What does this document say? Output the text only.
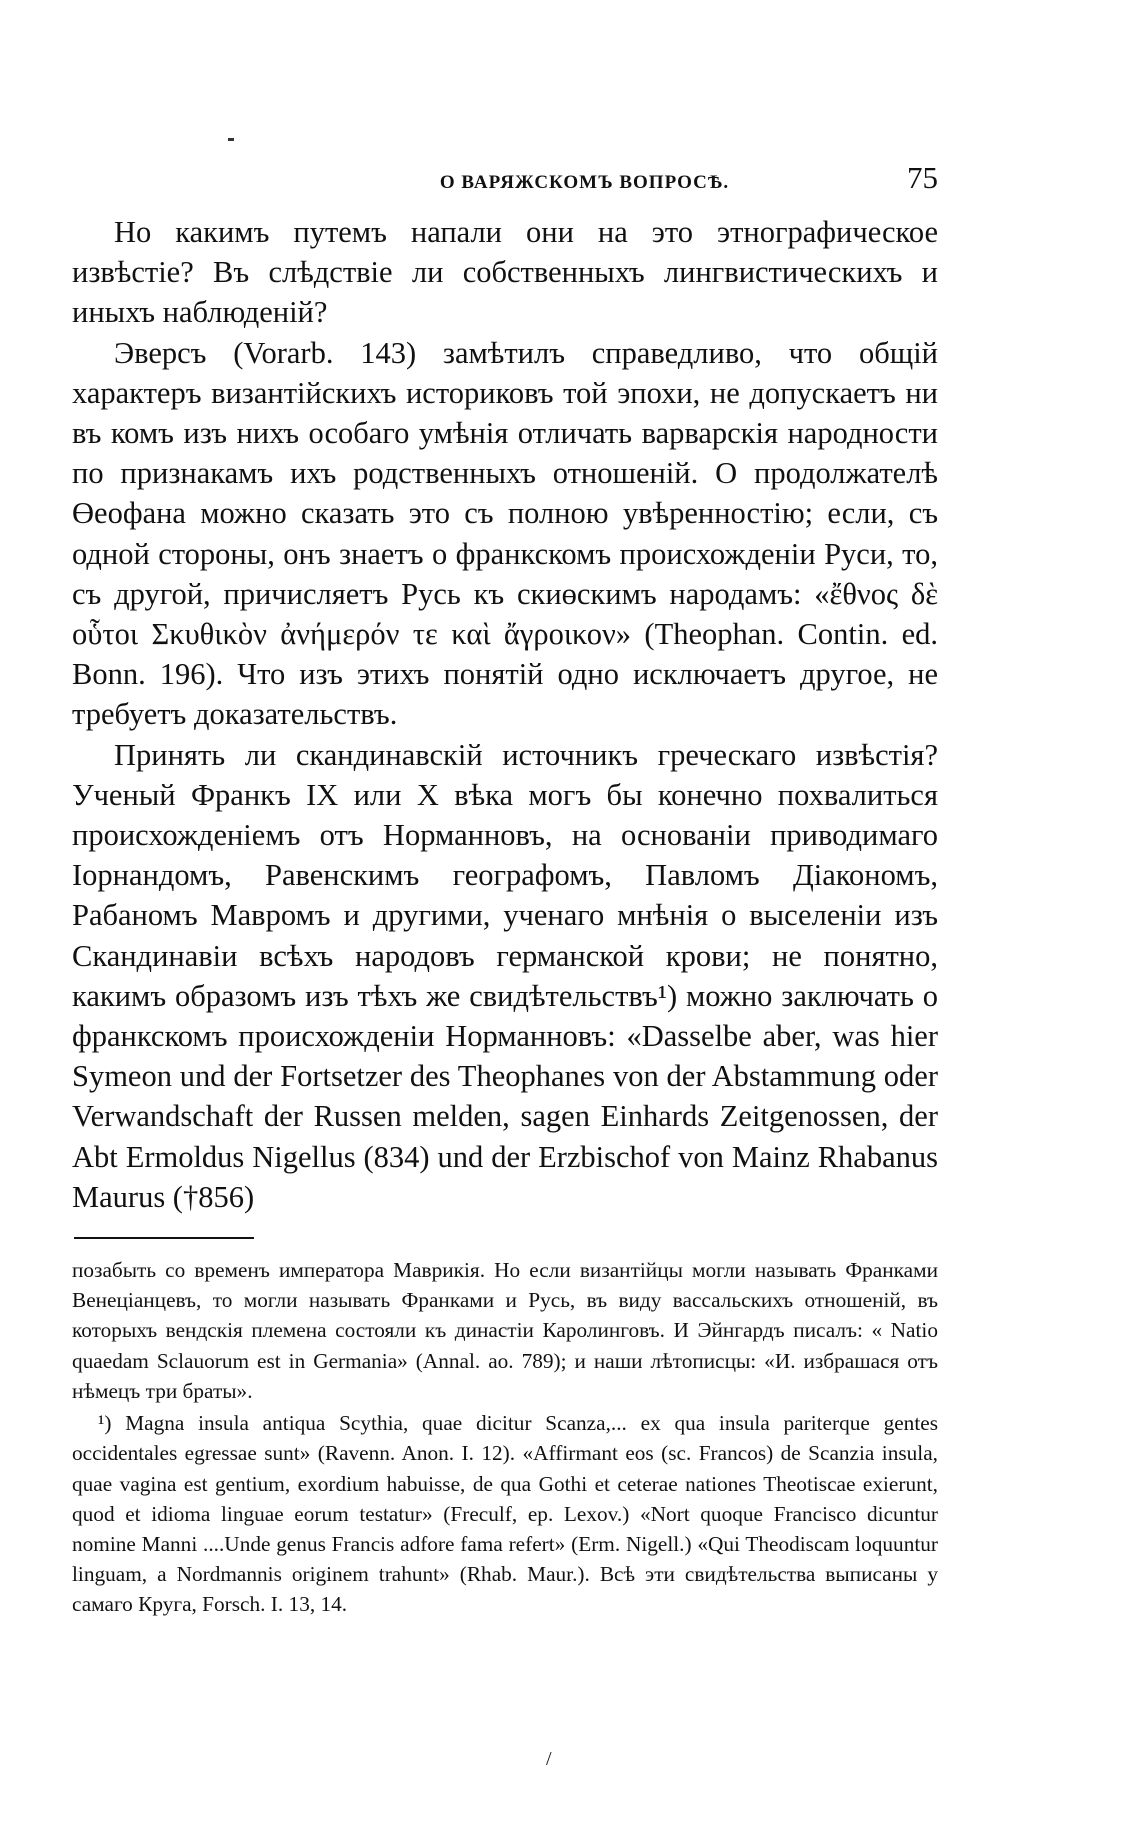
О ВАРЯЖСКОМЪ ВОПРОСѢ.	75

Но какимъ путемъ напали они на это этнографическое извѣстіе? Въ слѣдствіе ли собственныхъ лингвистическихъ и иныхъ наблюденій?

Эверсъ (Vorarb. 143) замѣтилъ справедливо, что общій характеръ византійскихъ историковъ той эпохи, не допускаетъ ни въ комъ изъ нихъ особаго умѣнія отличать варварскія народности по признакамъ ихъ родственныхъ отношеній. О продолжателѣ Өеофана можно сказать это съ полною увѣренностію; если, съ одной стороны, онъ знаетъ о франкскомъ происхожденіи Руси, то, съ другой, причисляетъ Русь къ скиөскимъ народамъ: «ἔθνος δὲ οὗτοι Σκυθικὸν ἀνήμερόν τε καὶ ἄγροικον» (Theophan. Contin. ed. Bonn. 196). Что изъ этихъ понятій одно исключаетъ другое, не требуетъ доказательствъ.

Принять ли скандинавскій источникъ греческаго извѣстія? Ученый Франкъ IX или X вѣка могъ бы конечно похвалиться происхожденіемъ отъ Норманновъ, на основаніи приводимаго Іорнандомъ, Равенскимъ географомъ, Павломъ Діакономъ, Рабаномъ Мавромъ и другими, ученаго мнѣнія о выселеніи изъ Скандинавіи всѣхъ народовъ германской крови; не понятно, какимъ образомъ изъ тѣхъ же свидѣтельствъ¹) можно заключать о франкскомъ происхожденіи Норманновъ: «Dasselbe aber, was hier Symeon und der Fortsetzer des Theophanes von der Abstammung oder Verwandschaft der Russen melden, sagen Einhards Zeitgenossen, der Abt Ermoldus Nigellus (834) und der Erzbischof von Mainz Rhabanus Maurus (†856)

позабыть со временъ императора Маврикія. Но если византійцы могли называть Франками Венеціанцевъ, то могли называть Франками и Русь, въ виду вассальскихъ отношеній, въ которыхъ вендскія племена состояли къ династіи Каролинговъ. И Эйнгардъ писалъ: « Natio quaedam Sclauorum est in Germania» (Annal. ao. 789); и наши лѣтописцы: «И. избрашася отъ нѣмецъ три браты».

¹) Magna insula antiqua Scythia, quae dicitur Scanza,... ex qua insula pariterque gentes occidentales egressae sunt» (Ravenn. Anon. I. 12). «Affirmant eos (sc. Francos) de Scanzia insula, quae vagina est gentium, exordium habuisse, de qua Gothi et ceterae nationes Theotiscae exierunt, quod et idioma linguae eorum testatur» (Freculf, ep. Lexov.) «Nort quoque Francisco dicuntur nomine Manni ....Unde genus Francis adfore fama refert» (Erm. Nigell.) «Qui Theodiscam loquuntur linguam, a Nordmannis originem trahunt» (Rhab. Maur.). Всѣ эти свидѣтельства выписаны у самаго Круга, Forsch. I. 13, 14.

/
